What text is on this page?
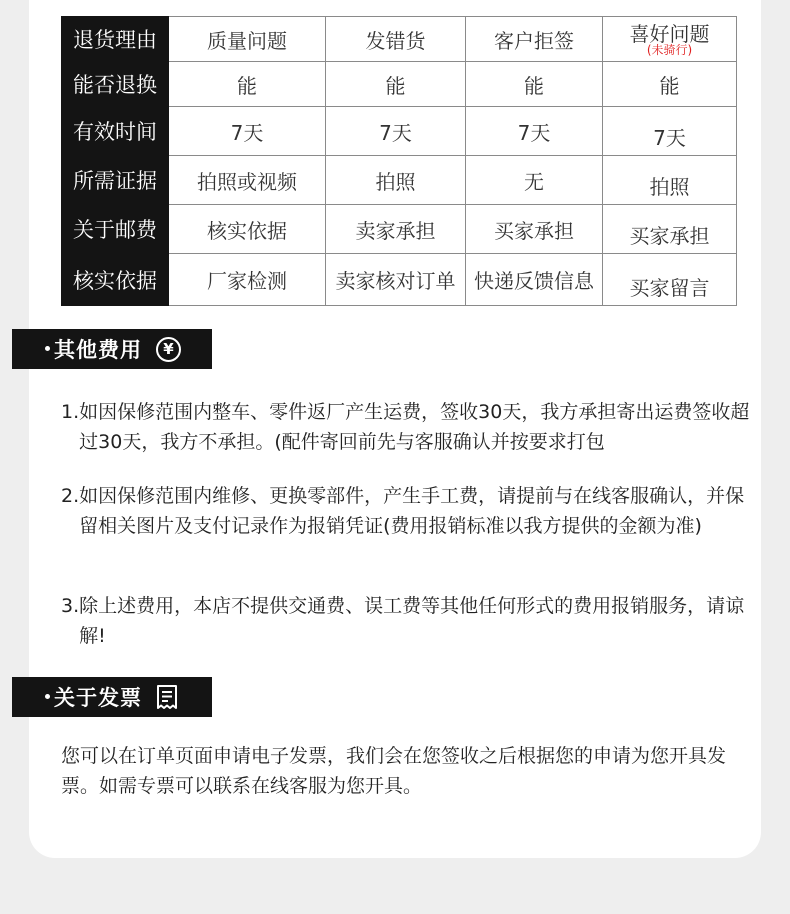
退货理由	质量问题	发错货	客户拒签	喜好问题
(未骑行)

能否退换	能	能	能	能
有效时间	7天	7天	7天	7天
所需证据	拍照或视频	拍照	无	拍照
关于邮费	核实依据	卖家承担	买家承担	买家承担
核实依据	厂家检测	卖家核对订单	快递反馈信息	买家留言
其他费用	¥
1. 如因保修范围内整车、零件返厂产生运费，签收30天，我方承担寄出运费签收超过30天，我方不承担。(配件寄回前先与客服确认并按要求打包
2. 如因保修范围内维修、更换零部件，产生手工费，请提前与在线客服确认，并保留相关图片及支付记录作为报销凭证(费用报销标准以我方提供的金额为准)
3. 除上述费用，本店不提供交通费、误工费等其他任何形式的费用报销服务，请谅解!
关于发票
您可以在订单页面申请电子发票，我们会在您签收之后根据您的申请为您开具发票。如需专票可以联系在线客服为您开具。
